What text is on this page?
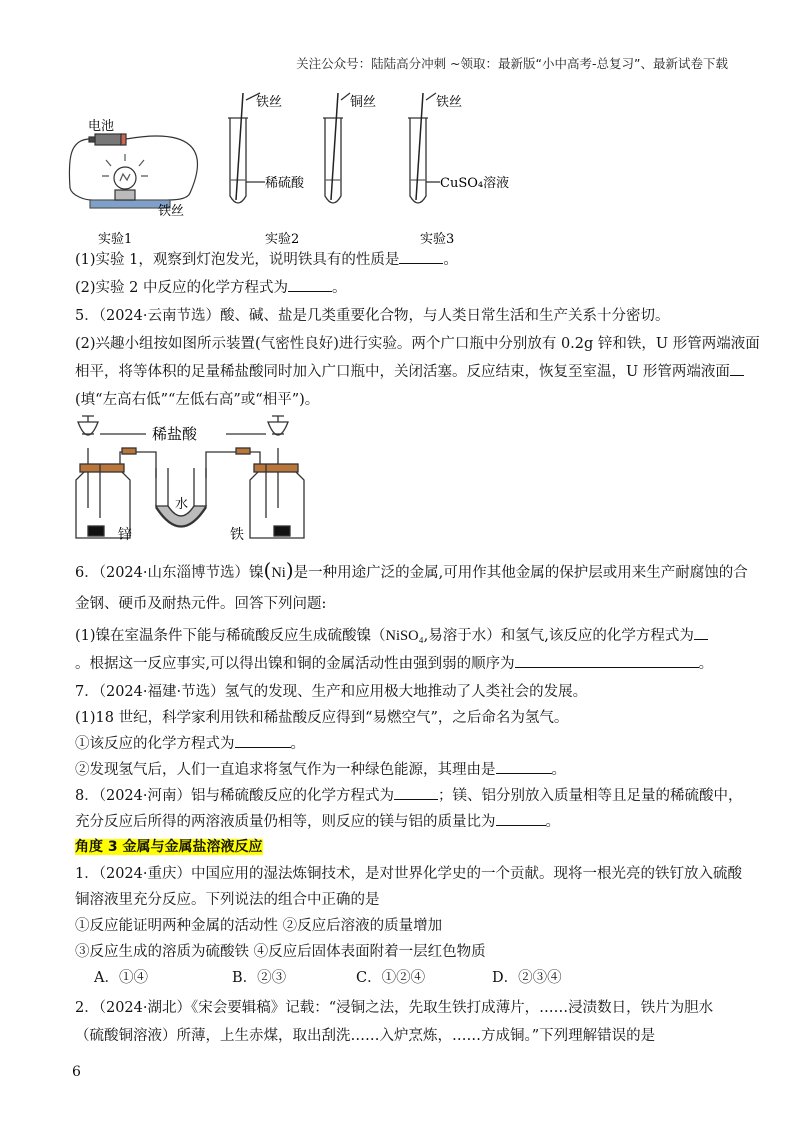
关注公众号：陆陆高分冲刺 ~领取：最新版“小中高考-总复习”、最新试卷下载
电池
铁丝
实验1
铁丝
稀硫酸
实验2
铜丝	铁丝
CuSO₄溶液
实验3
(1)实验 1，观察到灯泡发光，说明铁具有的性质是	。
(2)实验 2 中反应的化学方程式为	。
5．（2024·云南节选）酸、碱、盐是几类重要化合物，与人类日常生活和生产关系十分密切。
(2)兴趣小组按如图所示装置(气密性良好)进行实验。两个广口瓶中分别放有 0.2g 锌和铁，U 形管两端液面
相平，将等体积的足量稀盐酸同时加入广口瓶中，关闭活塞。反应结束，恢复至室温，U 形管两端液面
(填“左高右低”“左低右高”或“相平”)。
稀盐酸
水
锌	铁
6．（2024·山东淄博节选）镍(Ni)是一种用途广泛的金属,可用作其他金属的保护层或用来生产耐腐蚀的合
金钢、硬币及耐热元件。回答下列问题:
(1)镍在室温条件下能与稀硫酸反应生成硫酸镍（NiSO₄,易溶于水）和氢气,该反应的化学方程式为
。根据这一反应事实,可以得出镍和铜的金属活动性由强到弱的顺序为	。
7．（2024·福建·节选）氢气的发现、生产和应用极大地推动了人类社会的发展。
(1)18 世纪，科学家利用铁和稀盐酸反应得到“易燃空气”，之后命名为氢气。
①该反应的化学方程式为	。
②发现氢气后，人们一直追求将氢气作为一种绿色能源，其理由是	。
8．（2024·河南）铝与稀硫酸反应的化学方程式为	；镁、铝分别放入质量相等且足量的稀硫酸中，
充分反应后所得的两溶液质量仍相等，则反应的镁与铝的质量比为	。
角度 3 金属与金属盐溶液反应
1．（2024·重庆）中国应用的湿法炼铜技术，是对世界化学史的一个贡献。现将一根光亮的铁钉放入硫酸
铜溶液里充分反应。下列说法的组合中正确的是
①反应能证明两种金属的活动性 ②反应后溶液的质量增加
③反应生成的溶质为硫酸铁 ④反应后固体表面附着一层红色物质
A．①④	B．②③	C．①②④	D．②③④
2．（2024·湖北）《宋会要辑稿》记载：“浸铜之法，先取生铁打成薄片，……浸渍数日，铁片为胆水
（硫酸铜溶液）所薄，上生赤煤，取出刮洗……入炉烹炼，……方成铜。”下列理解错误的是
6
